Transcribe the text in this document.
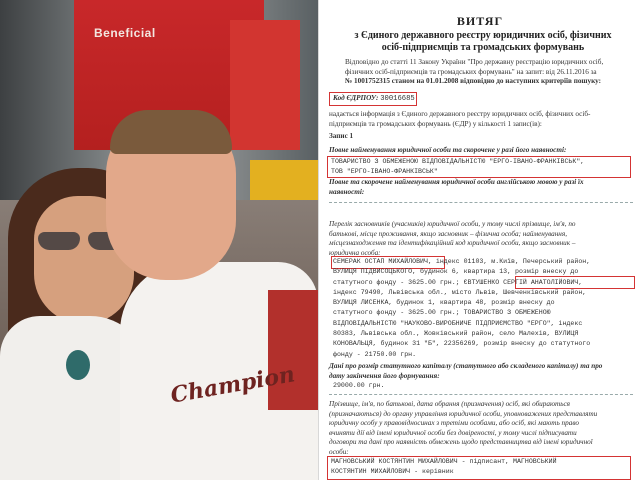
Beneficial
Champion
ВИТЯГ
з Єдиного державного реєстру юридичних осіб, фізичних осіб-підприємців та громадських формувань
Відповідно до статті 11 Закону України "Про державну реєстрацію юридичних осіб,
фізичних осіб-підприємців та громадських формувань" на запит: від 26.11.2016 за
№ 1001752315 станом на 01.01.2008 відповідно до наступних критеріїв пошуку:
Код ЄДРПОУ: 30016685
надається інформація з Єдиного державного реєстру юридичних осіб, фізичних осіб-
підприємців та громадських формувань (ЄДР) у кількості 1 запис(ів):
Запис 1
Повне найменування юридичної особи та скорочене у разі його наявності:
ТОВАРИСТВО З ОБМЕЖЕНОЮ ВІДПОВІДАЛЬНІСТЮ "ЕРГО-ІВАНО-ФРАНКІВСЬК",
ТОВ "ЕРГО-ІВАНО-ФРАНКІВСЬК"
Повне та скорочене найменування юридичної особи англійською мовою у разі їх
наявності:
Перелік засновників (учасників) юридичної особи, у тому числі прізвище, ім'я, по
батькові, місце проживання, якщо засновник – фізична особа; найменування,
місцезнаходження та ідентифікаційний код юридичної особи, якщо засновник –
юридична особа:
СЕМЕРАК ОСТАП МИХАЙЛОВИЧ, індекс 01103, м.Київ, Печерський район,
ВУЛИЦЯ ПІДВИСОЦЬКОГО, будинок 6, квартира 13, розмір внеску до
статутного фонду - 3625.00 грн.; ЄВТУШЕНКО СЕРГІЙ АНАТОЛІЙОВИЧ,
індекс 79490, Львівська обл., місто Львів, Шевченківський район,
ВУЛИЦЯ ЛИСЕНКА, будинок 1, квартира 48, розмір внеску до
статутного фонду - 3625.00 грн.; ТОВАРИСТВО З ОБМЕЖЕНОЮ
ВІДПОВІДАЛЬНІСТЮ "НАУКОВО-ВИРОБНИЧЕ ПІДПРИЄМСТВО "ЕРГО", індекс
80383, Львівська обл., Жовківський район, село Малехів, ВУЛИЦЯ
КОНОВАЛЬЦЯ, будинок 31 "Б", 22356269, розмір внеску до статутного
фонду - 21750.00 грн.
Дані про розмір статутного капіталу (статутного або складеного капіталу) та про
дату закінчення його формування:
29000.00 грн.
Прізвище, ім'я, по батькові, дата обрання (призначення) осіб, які обираються
(призначаються) до органу управління юридичної особи, уповноважених представляти
юридичну особу у правовідносинах з третіми особами, або осіб, які мають право
вчиняти дії від імені юридичної особи без довіреності, у тому числі підписувати
договори та дані про наявність обмежень щодо представництва від імені юридичної
особи:
МАГНОВСЬКИЙ КОСТЯНТИН МИХАЙЛОВИЧ - підписант, МАГНОВСЬКИЙ
КОСТЯНТИН МИХАЙЛОВИЧ - керівник
